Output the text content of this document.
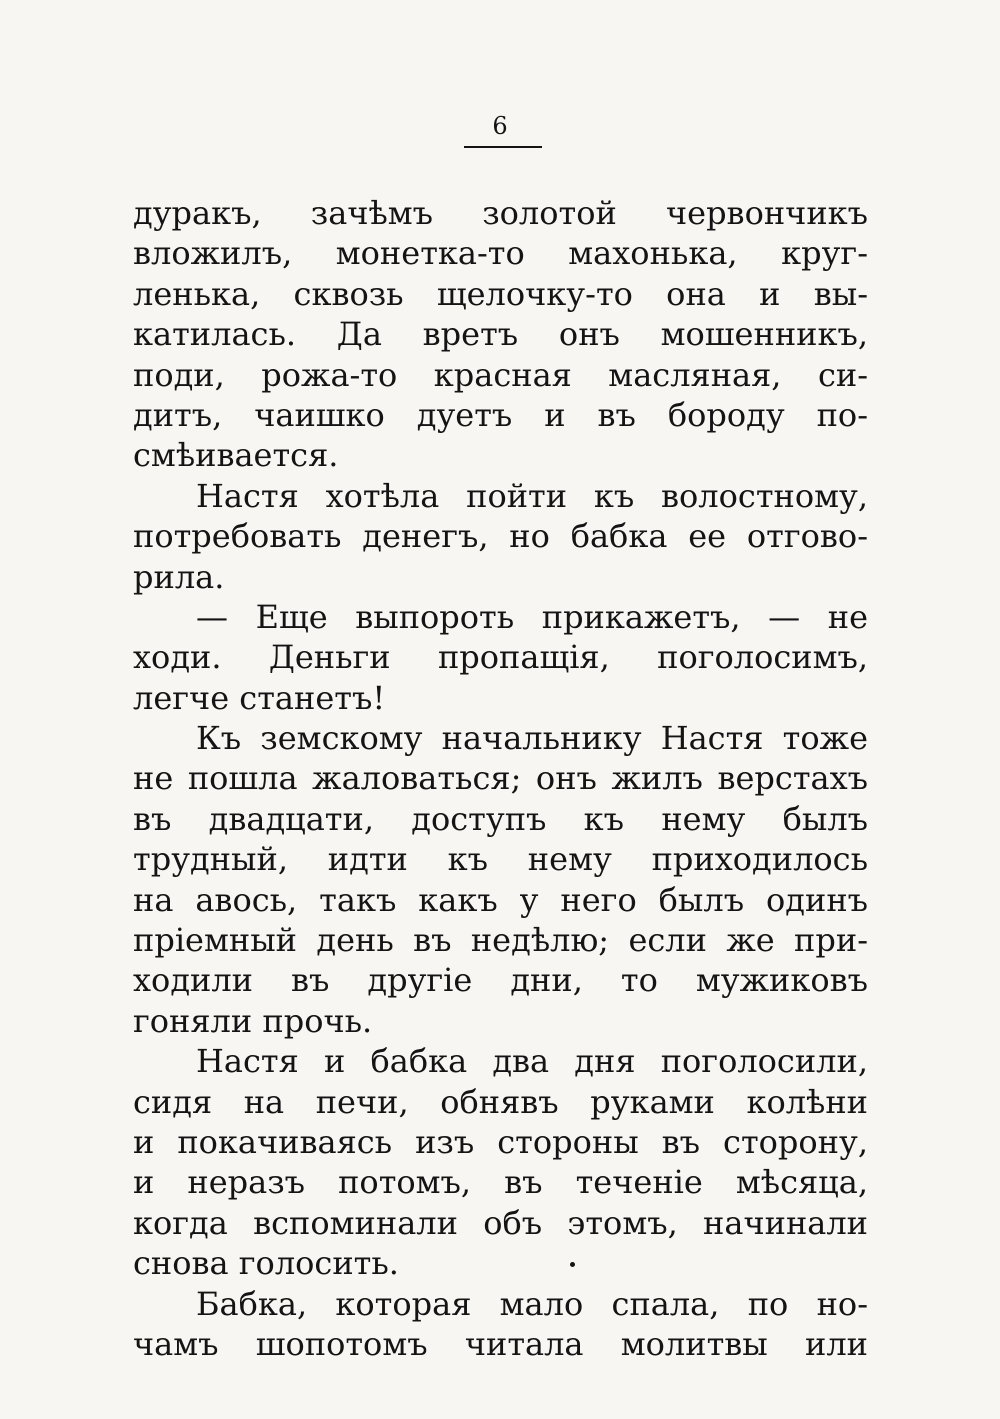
6
дуракъ, зачѣмъ золотой червончикъ
вложилъ, монетка-то махонька, круг-
ленька, сквозь щелочку-то она и вы-
катилась. Да вретъ онъ мошенникъ,
поди, рожа-то красная масляная, си-
дитъ, чаишко дуетъ и въ бороду по-
смѣивается.
Настя хотѣла пойти къ волостному,
потребовать денегъ, но бабка ее отгово-
рила.
— Еще выпороть прикажетъ, — не
ходи. Деньги пропащія, поголосимъ,
легче станетъ!
Къ земскому начальнику Настя тоже
не пошла жаловаться; онъ жилъ верстахъ
въ двадцати, доступъ къ нему былъ
трудный, идти къ нему приходилось
на авось, такъ какъ у него былъ одинъ
пріемный день въ недѣлю; если же при-
ходили въ другіе дни, то мужиковъ
гоняли прочь.
Настя и бабка два дня поголосили,
сидя на печи, обнявъ руками колѣни
и покачиваясь изъ стороны въ сторону,
и неразъ потомъ, въ теченіе мѣсяца,
когда вспоминали объ этомъ, начинали
снова голосить.
Бабка, которая мало спала, по но-
чамъ шопотомъ читала молитвы или
